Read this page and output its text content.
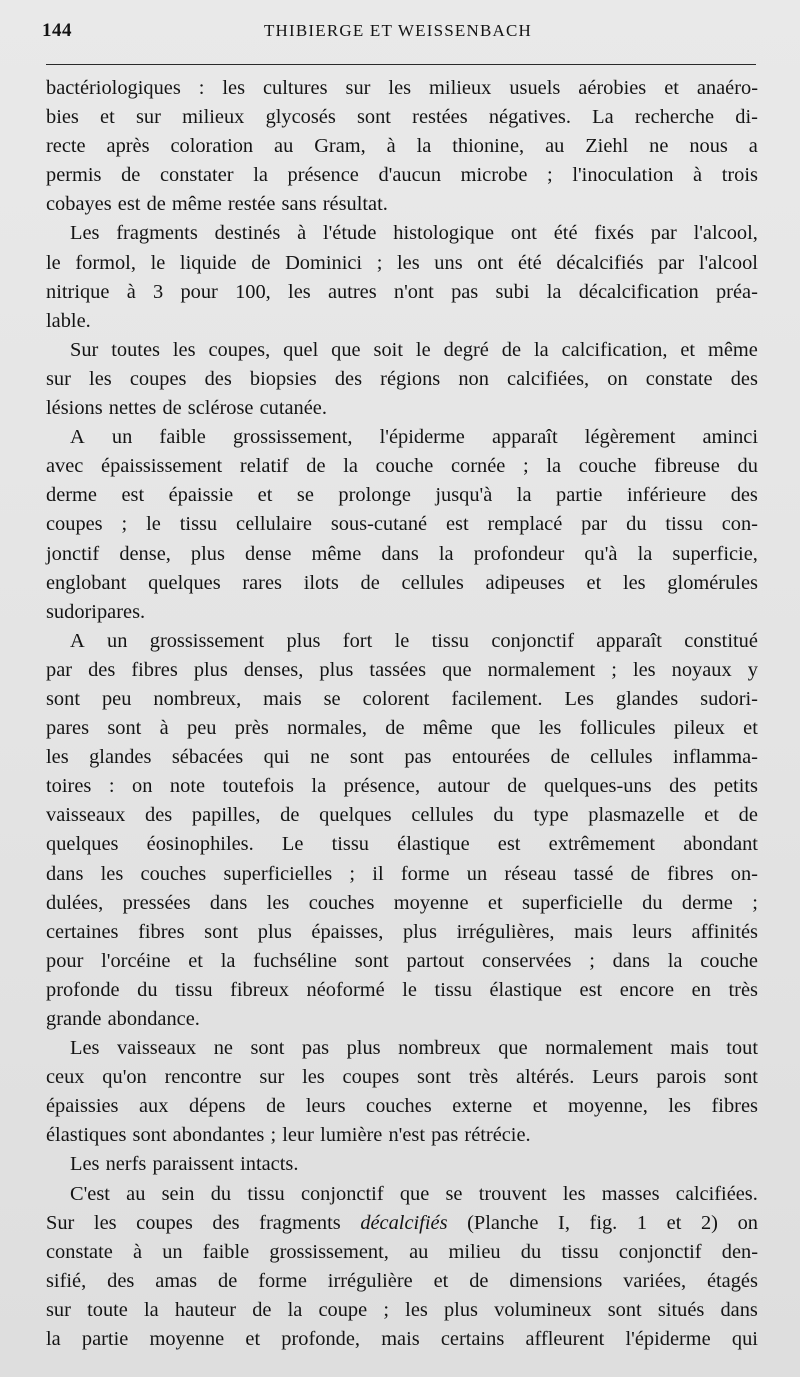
144	THIBIERGE ET WEISSENBACH
bactériologiques : les cultures sur les milieux usuels aérobies et anaéro-
bies et sur milieux glycosés sont restées négatives. La recherche di-
recte après coloration au Gram, à la thionine, au Ziehl ne nous a
permis de constater la présence d'aucun microbe ; l'inoculation à trois
cobayes est de même restée sans résultat.
Les fragments destinés à l'étude histologique ont été fixés par l'alcool,
le formol, le liquide de Dominici ; les uns ont été décalcifiés par l'alcool
nitrique à 3 pour 100, les autres n'ont pas subi la décalcification préa-
lable.
Sur toutes les coupes, quel que soit le degré de la calcification, et même
sur les coupes des biopsies des régions non calcifiées, on constate des
lésions nettes de sclérose cutanée.
A un faible grossissement, l'épiderme apparaît légèrement aminci
avec épaississement relatif de la couche cornée ; la couche fibreuse du
derme est épaissie et se prolonge jusqu'à la partie inférieure des
coupes ; le tissu cellulaire sous-cutané est remplacé par du tissu con-
jonctif dense, plus dense même dans la profondeur qu'à la superficie,
englobant quelques rares ilots de cellules adipeuses et les glomérules
sudoripares.
A un grossissement plus fort le tissu conjonctif apparaît constitué
par des fibres plus denses, plus tassées que normalement ; les noyaux y
sont peu nombreux, mais se colorent facilement. Les glandes sudori-
pares sont à peu près normales, de même que les follicules pileux et
les glandes sébacées qui ne sont pas entourées de cellules inflamma-
toires : on note toutefois la présence, autour de quelques-uns des petits
vaisseaux des papilles, de quelques cellules du type plasmazelle et de
quelques éosinophiles. Le tissu élastique est extrêmement abondant
dans les couches superficielles ; il forme un réseau tassé de fibres on-
dulées, pressées dans les couches moyenne et superficielle du derme ;
certaines fibres sont plus épaisses, plus irrégulières, mais leurs affinités
pour l'orcéine et la fuchséline sont partout conservées ; dans la couche
profonde du tissu fibreux néoformé le tissu élastique est encore en très
grande abondance.
Les vaisseaux ne sont pas plus nombreux que normalement mais tout
ceux qu'on rencontre sur les coupes sont très altérés. Leurs parois sont
épaissies aux dépens de leurs couches externe et moyenne, les fibres
élastiques sont abondantes ; leur lumière n'est pas rétrécie.
Les nerfs paraissent intacts.
C'est au sein du tissu conjonctif que se trouvent les masses calcifiées.
Sur les coupes des fragments décalcifiés (Planche I, fig. 1 et 2) on
constate à un faible grossissement, au milieu du tissu conjonctif den-
sifié, des amas de forme irrégulière et de dimensions variées, étagés
sur toute la hauteur de la coupe ; les plus volumineux sont situés dans
la partie moyenne et profonde, mais certains affleurent l'épiderme qui
